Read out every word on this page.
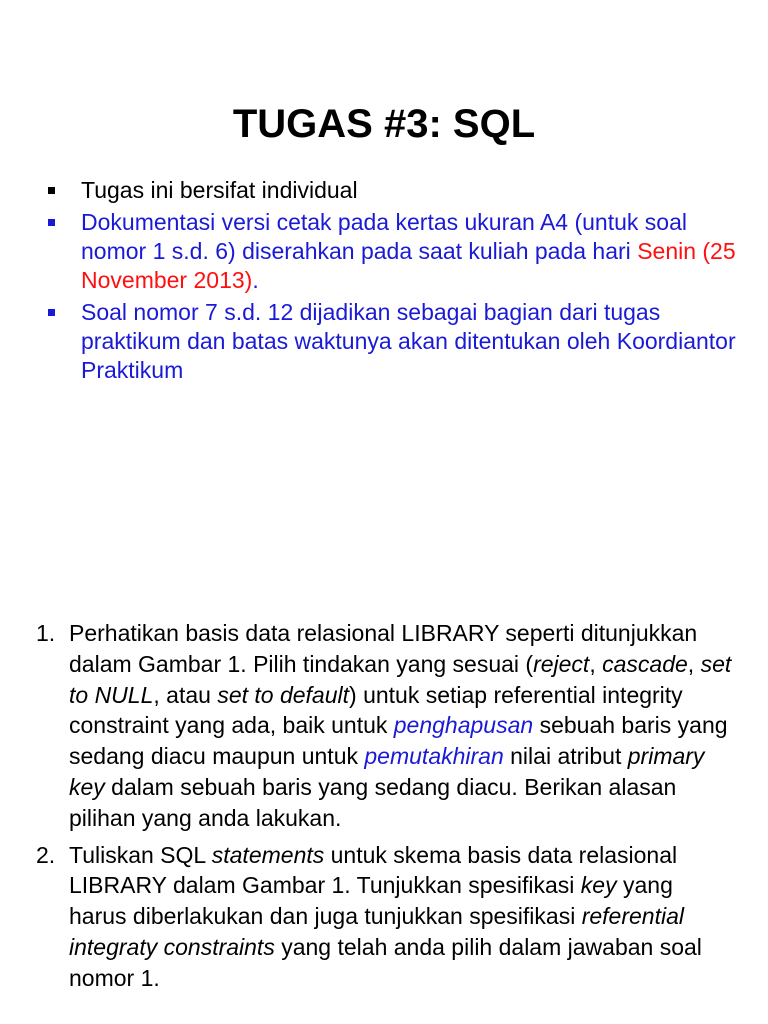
TUGAS #3: SQL
Tugas ini bersifat individual
Dokumentasi versi cetak pada kertas ukuran A4 (untuk soal nomor 1 s.d. 6) diserahkan pada saat kuliah pada hari Senin (25 November 2013).
Soal nomor 7 s.d. 12 dijadikan sebagai bagian dari tugas praktikum dan batas waktunya akan ditentukan oleh Koordiantor Praktikum
1. Perhatikan basis data relasional LIBRARY seperti ditunjukkan dalam Gambar 1. Pilih tindakan yang sesuai (reject, cascade, set to NULL, atau set to default) untuk setiap referential integrity constraint yang ada, baik untuk penghapusan sebuah baris yang sedang diacu maupun untuk pemutakhiran nilai atribut primary key dalam sebuah baris yang sedang diacu. Berikan alasan pilihan yang anda lakukan.
2. Tuliskan SQL statements untuk skema basis data relasional LIBRARY dalam Gambar 1. Tunjukkan spesifikasi key yang harus diberlakukan dan juga tunjukkan spesifikasi referential integraty constraints yang telah anda pilih dalam jawaban soal nomor 1.
